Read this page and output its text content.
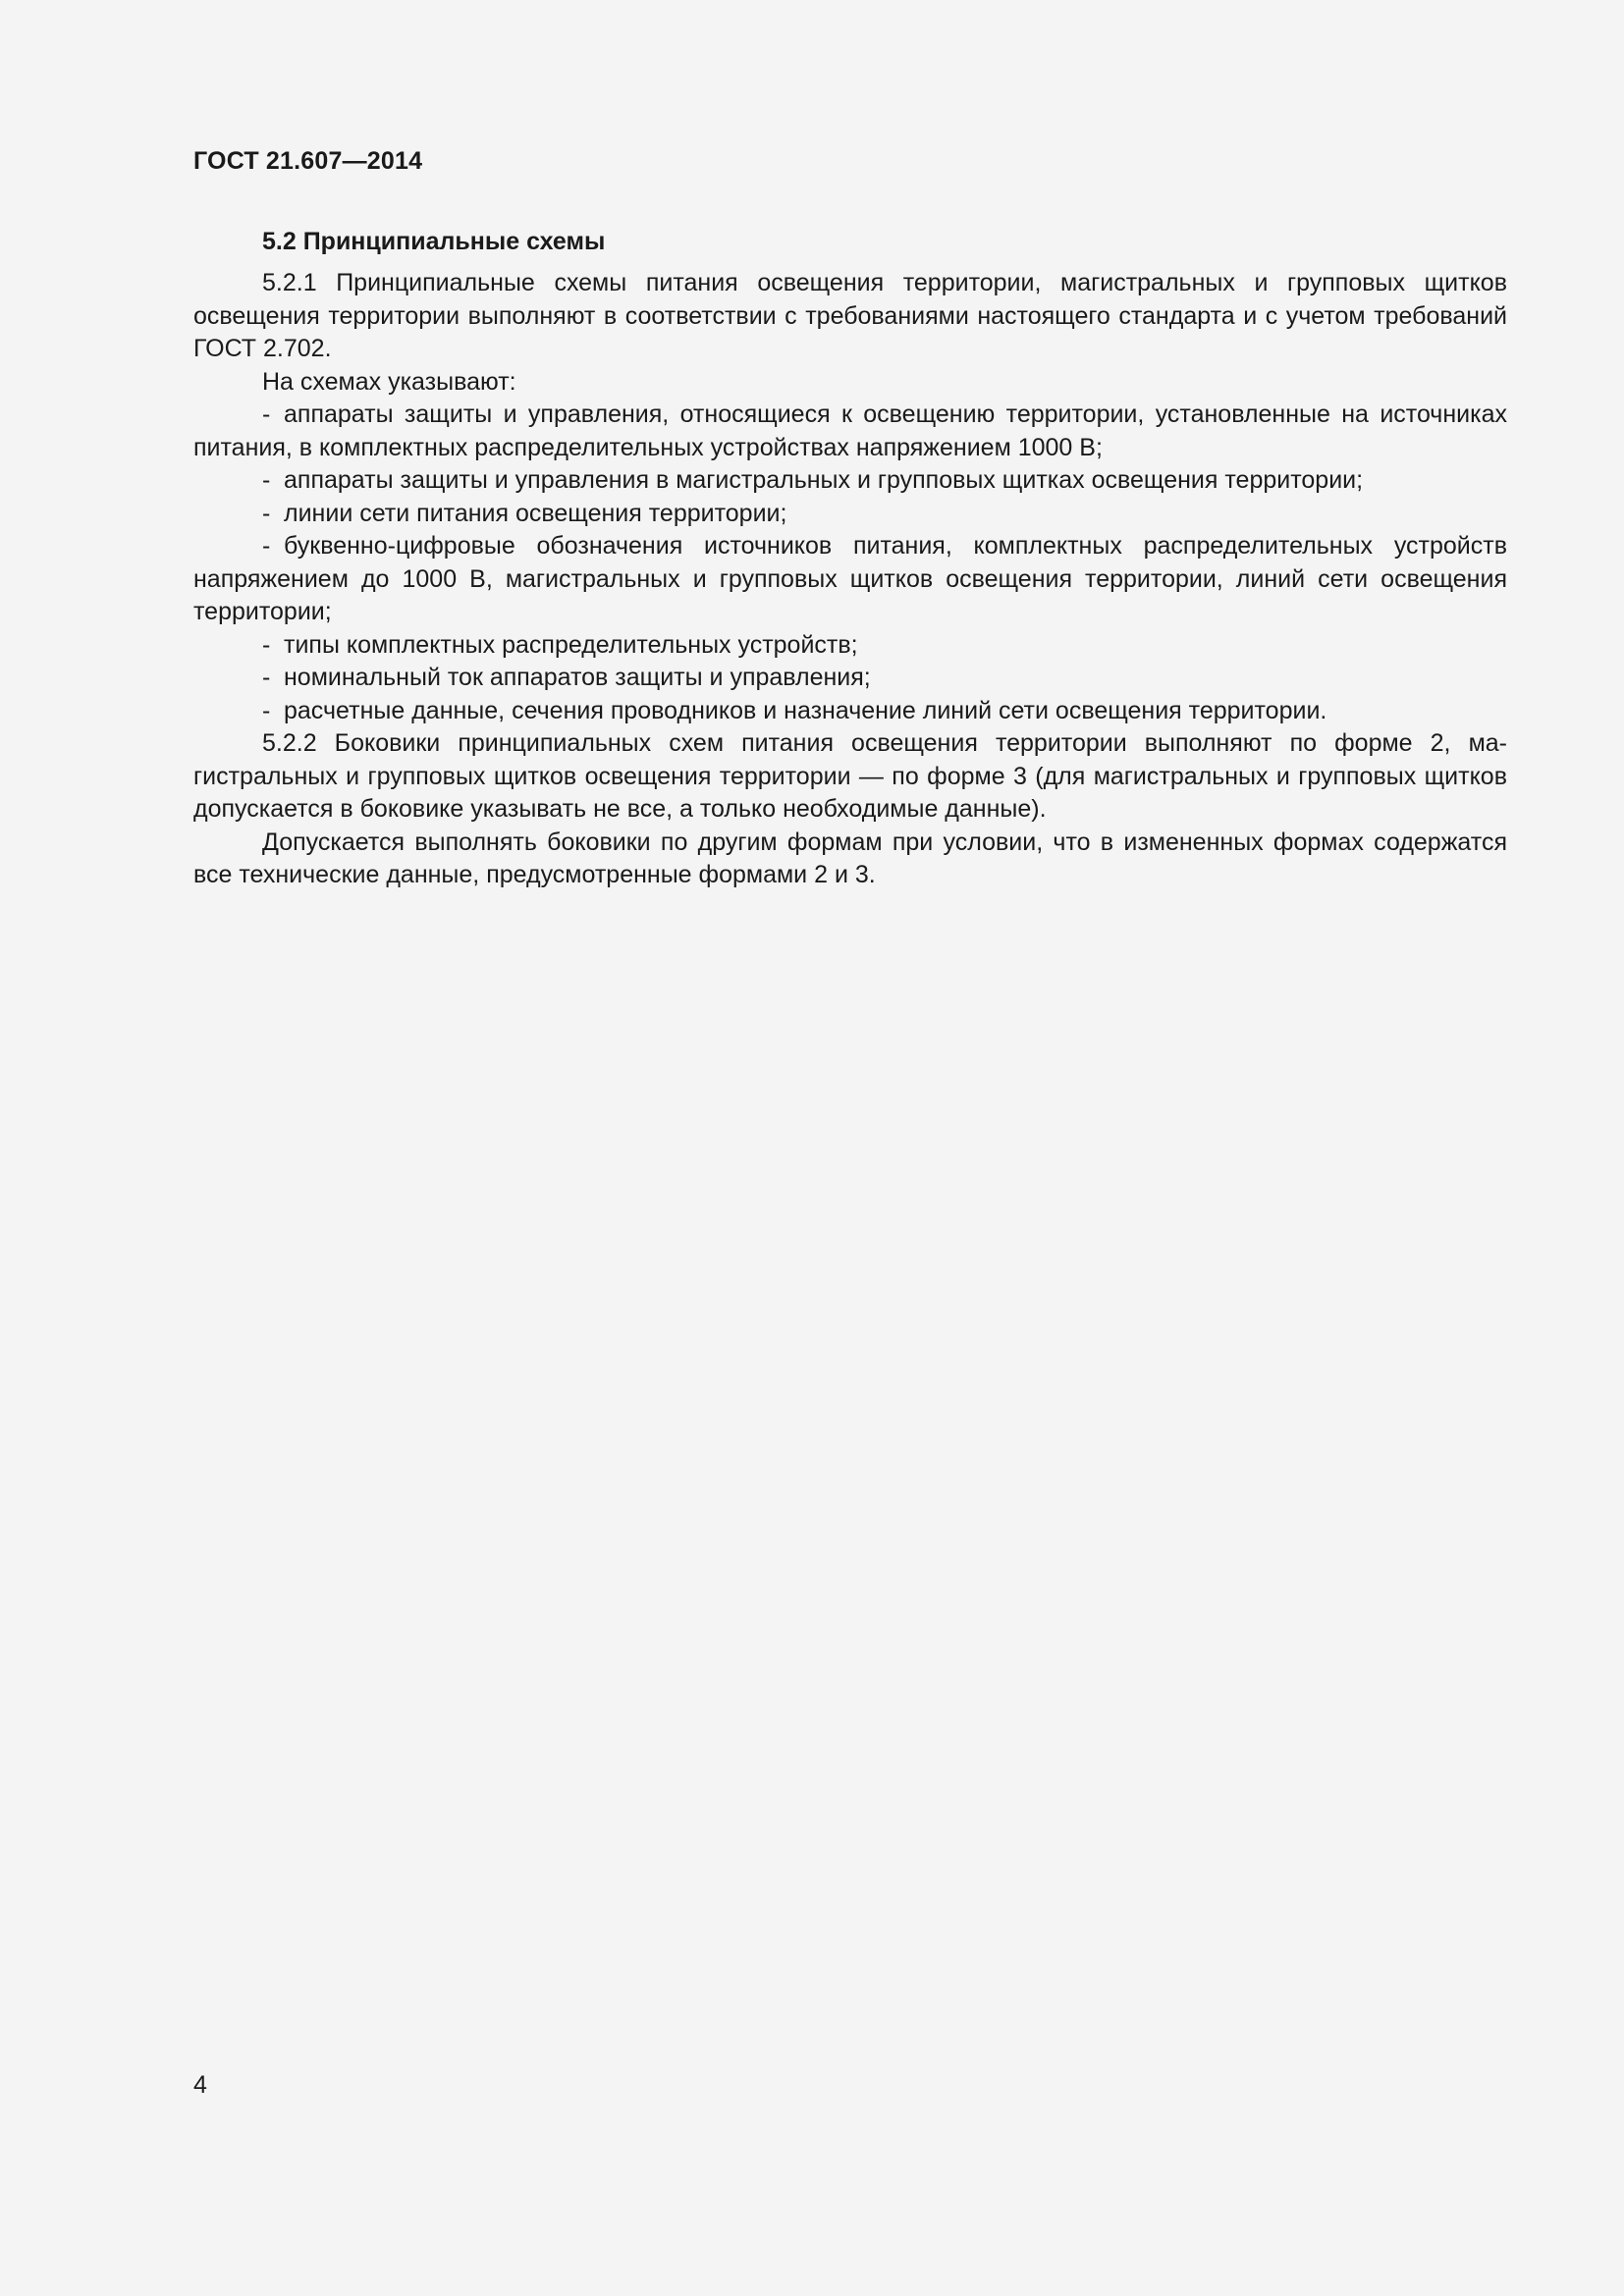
ГОСТ 21.607—2014
5.2 Принципиальные схемы

5.2.1 Принципиальные схемы питания освещения территории, магистральных и групповых щитков освещения территории выполняют в соответствии с требованиями настоящего стандарта и с учетом требований ГОСТ 2.702.

На схемах указывают:

- аппараты защиты и управления, относящиеся к освещению территории, установленные на источниках питания, в комплектных распределительных устройствах напряжением 1000 В;

- аппараты защиты и управления в магистральных и групповых щитках освещения территории;

- линии сети питания освещения территории;

- буквенно-цифровые обозначения источников питания, комплектных распределительных устройств напряжением до 1000 В, магистральных и групповых щитков освещения территории, линий сети освещения территории;

- типы комплектных распределительных устройств;

- номинальный ток аппаратов защиты и управления;

- расчетные данные, сечения проводников и назначение линий сети освещения территории.

5.2.2 Боковики принципиальных схем питания освещения территории выполняют по форме 2, магистральных и групповых щитков освещения территории — по форме 3 (для магистральных и групповых щитков допускается в боковике указывать не все, а только необходимые данные).

Допускается выполнять боковики по другим формам при условии, что в измененных формах содержатся все технические данные, предусмотренные формами 2 и 3.

4
